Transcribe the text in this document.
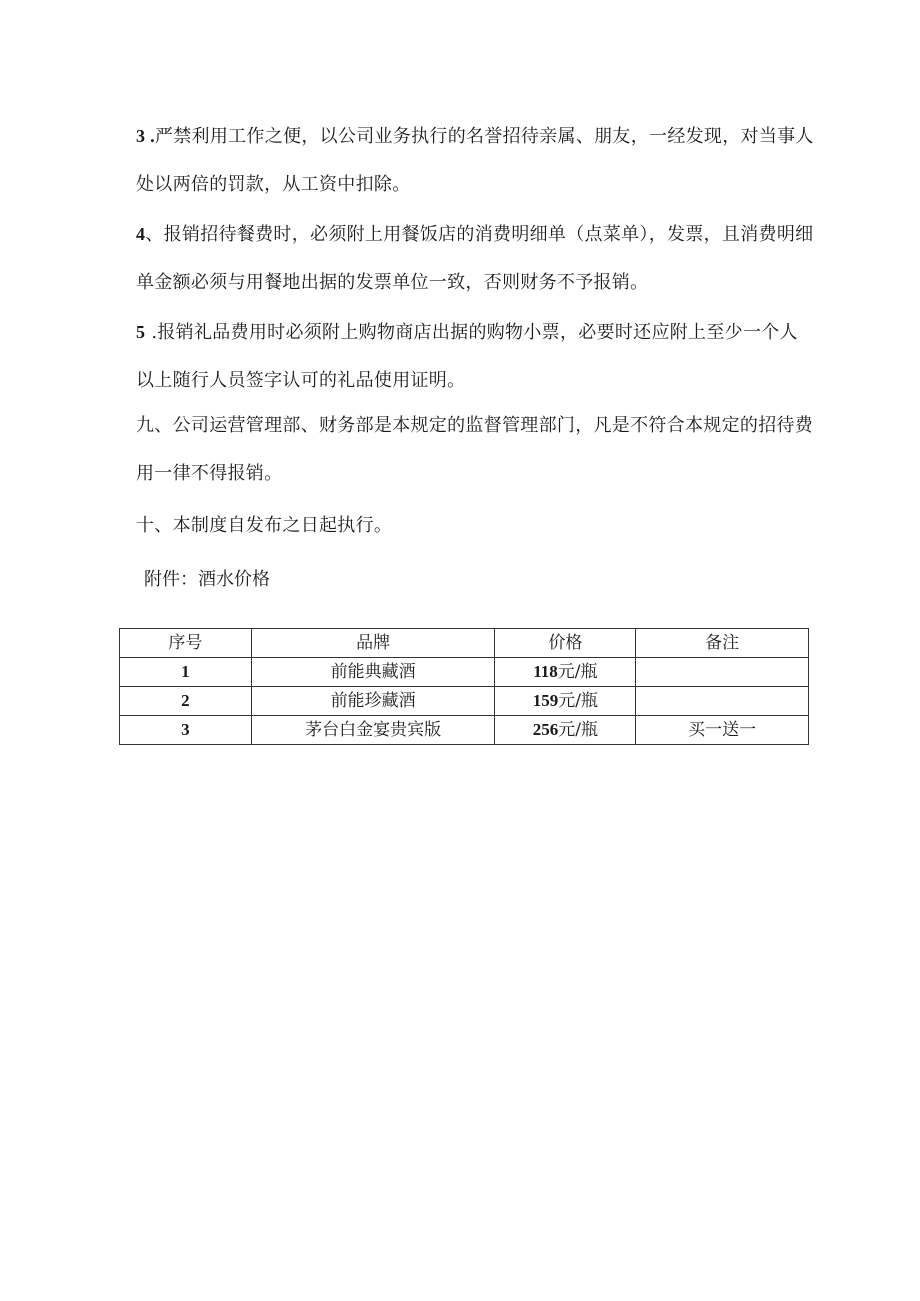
3 .严禁利用工作之便，以公司业务执行的名誉招待亲属、朋友，一经发现，对当事人处以两倍的罚款，从工资中扣除。

4、报销招待餐费时，必须附上用餐饭店的消费明细单（点菜单），发票，且消费明细单金额必须与用餐地出据的发票单位一致，否则财务不予报销。

5 .报销礼品费用时必须附上购物商店出据的购物小票，必要时还应附上至少一个人以上随行人员签字认可的礼品使用证明。

九、公司运营管理部、财务部是本规定的监督管理部门，凡是不符合本规定的招待费用一律不得报销。

十、本制度自发布之日起执行。

附件：酒水价格
序号	品牌	价格	备注
1	前能典藏酒	118元/瓶	
2	前能珍藏酒	159元/瓶	
3	茅台白金宴贵宾版	256元/瓶	买一送一
